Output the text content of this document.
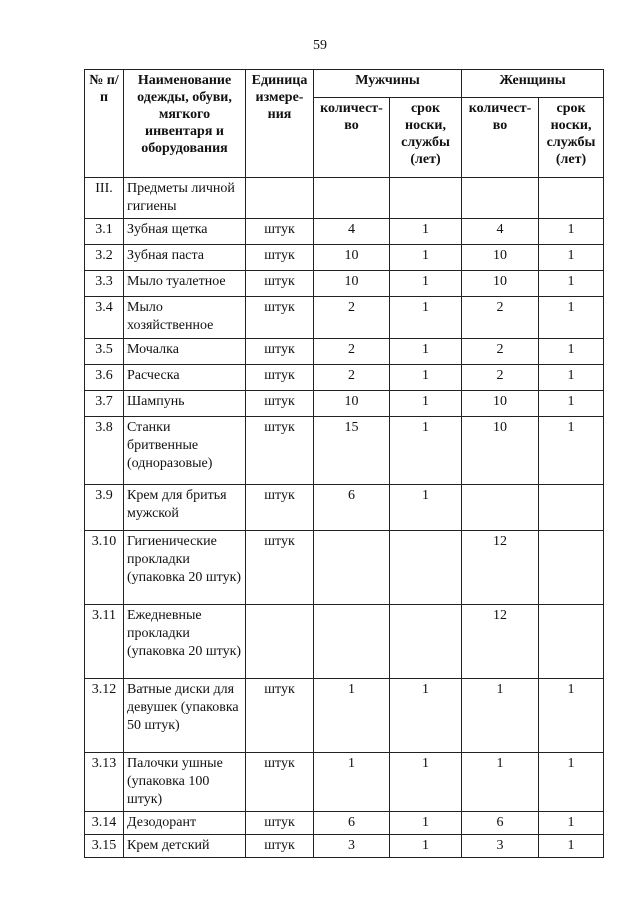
59
№ п/п	Наименование одежды, обуви, мягкого инвентаря и оборудования	Единица измере-ния	Мужчины		Женщины	
			количест-во	срок носки, службы (лет)	количест-во	срок носки, службы (лет)
III.	Предметы личной гигиены					
3.1	Зубная щетка	штук	4	1	4	1
3.2	Зубная паста	штук	10	1	10	1
3.3	Мыло туалетное	штук	10	1	10	1
3.4	Мыло хозяйственное	штук	2	1	2	1
3.5	Мочалка	штук	2	1	2	1
3.6	Расческа	штук	2	1	2	1
3.7	Шампунь	штук	10	1	10	1
3.8	Станки бритвенные (одноразовые)	штук	15	1	10	1
3.9	Крем для бритья мужской	штук	6	1		
3.10	Гигиенические прокладки (упаковка 20 штук)	штук			12	
3.11	Ежедневные прокладки (упаковка 20 штук)				12	
3.12	Ватные диски для девушек (упаковка 50 штук)	штук	1	1	1	1
3.13	Палочки ушные (упаковка 100 штук)	штук	1	1	1	1
3.14	Дезодорант	штук	6	1	6	1
3.15	Крем детский	штук	3	1	3	1
